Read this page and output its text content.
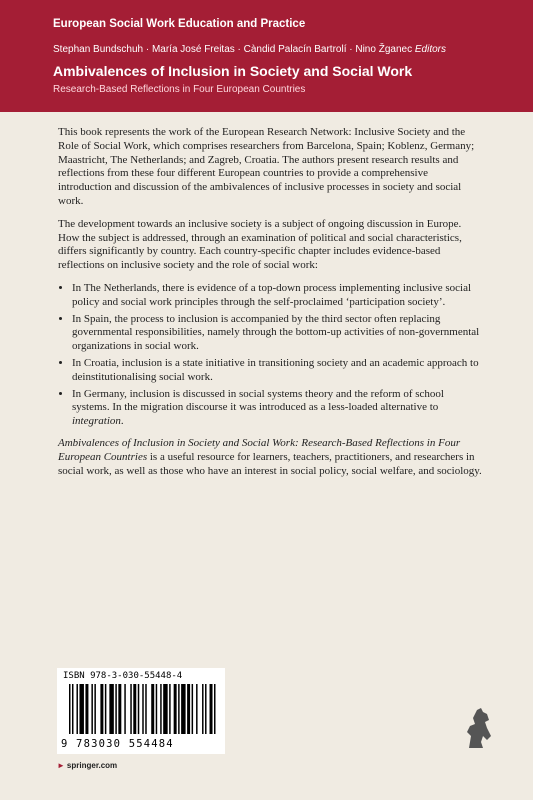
European Social Work Education and Practice
Stephan Bundschuh · María José Freitas · Càndid Palacín Bartrolí · Nino Žganec Editors
Ambivalences of Inclusion in Society and Social Work
Research-Based Reflections in Four European Countries

This book represents the work of the European Research Network: Inclusive Society and the Role of Social Work, which comprises researchers from Barcelona, Spain; Koblenz, Germany; Maastricht, The Netherlands; and Zagreb, Croatia. The authors present research results and reflections from these four different European countries to provide a comprehensive introduction and discussion of the ambivalences of inclusive processes in society and social work.

The development towards an inclusive society is a subject of ongoing discussion in Europe. How the subject is addressed, through an examination of political and social characteristics, differs significantly by country. Each country-specific chapter includes evidence-based reflections on inclusive society and the role of social work:

• In The Netherlands, there is evidence of a top-down process implementing inclusive social policy and social work principles through the self-proclaimed ‘participation society’.
• In Spain, the process to inclusion is accompanied by the third sector often replacing governmental responsibilities, namely through the bottom-up activities of non-governmental organizations in social work.
• In Croatia, inclusion is a state initiative in transitioning society and an academic approach to deinstitutionalising social work.
• In Germany, inclusion is discussed in social systems theory and the reform of school systems. In the migration discourse it was introduced as a less-loaded alternative to integration.

Ambivalences of Inclusion in Society and Social Work: Research-Based Reflections in Four European Countries is a useful resource for learners, teachers, practitioners, and researchers in social work, as well as those who have an interest in social policy, social welfare, and sociology.

ISBN 978-3-030-55448-4
9 783030 554484
► springer.com
